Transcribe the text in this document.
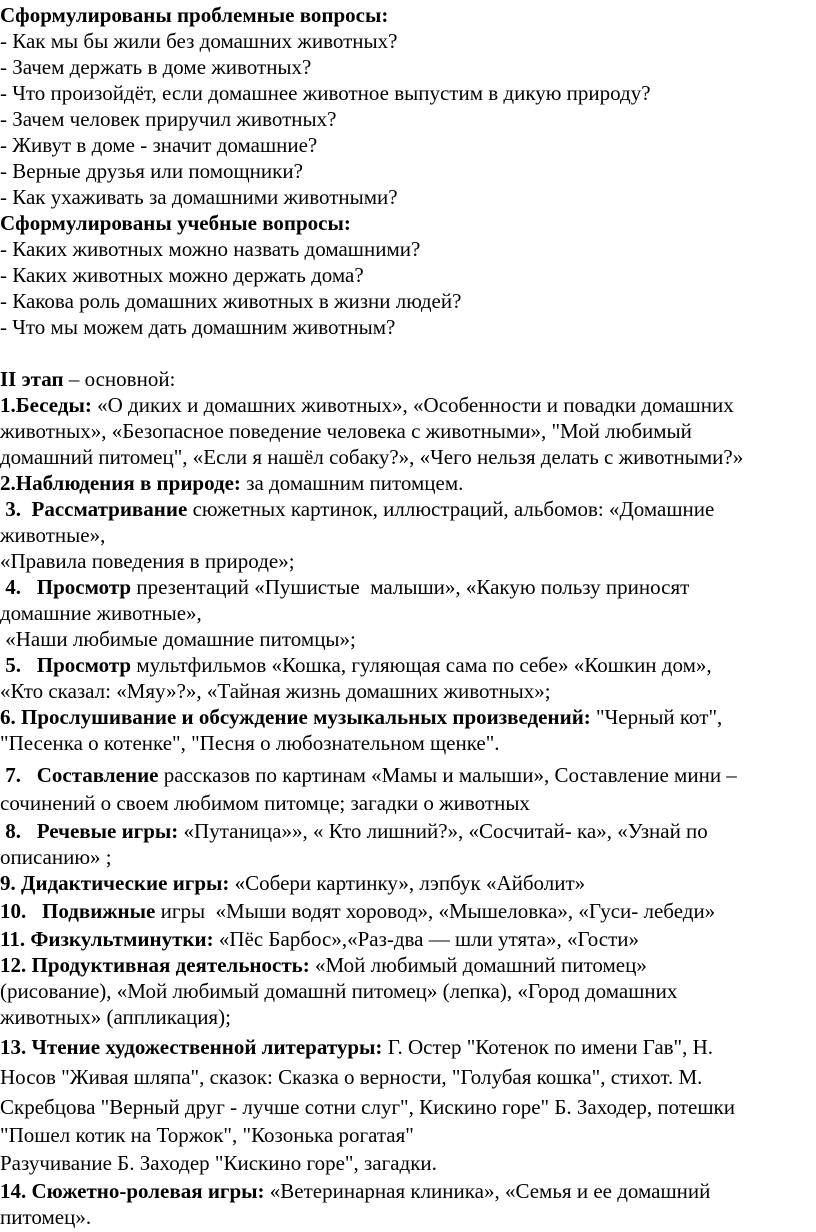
Сформулированы проблемные вопросы:
- Как мы бы жили без домашних животных?
- Зачем держать в доме животных?
- Что произойдёт, если домашнее животное выпустим в дикую природу?
- Зачем человек приручил животных?
- Живут в доме - значит домашние?
- Верные друзья или помощники?
- Как ухаживать за домашними животными?
Сформулированы учебные вопросы:
- Каких животных можно назвать домашними?
- Каких животных можно держать дома?
- Какова роль домашних животных в жизни людей?
- Что мы можем дать домашним животным?
II этап – основной:
1.Беседы: «О диких и домашних животных», «Особенности и повадки домашних
животных», «Безопасное поведение человека с животными», "Мой любимый
домашний питомец", «Если я нашёл собаку?», «Чего нельзя делать с животными?»
2.Наблюдения в природе: за домашним питомцем.
3.  Рассматривание сюжетных картинок, иллюстраций, альбомов: «Домашние
животные»,
«Правила поведения в природе»;
4.   Просмотр презентаций «Пушистые  малыши», «Какую пользу приносят
домашние животные»,
«Наши любимые домашние питомцы»;
5.   Просмотр мультфильмов «Кошка, гуляющая сама по себе» «Кошкин дом»,
«Кто сказал: «Мяу»?», «Тайная жизнь домашних животных»;
6. Прослушивание и обсуждение музыкальных произведений: "Черный кот",
"Песенка о котенке", "Песня о любознательном щенке".
7.   Составление рассказов по картинам «Мамы и малыши», Составление мини –
сочинений о своем любимом питомце; загадки о животных
8.   Речевые игры: «Путаница»», « Кто лишний?», «Сосчитай- ка», «Узнай по
описанию» ;
9. Дидактические игры: «Собери картинку», лэпбук «Айболит»
10.   Подвижные игры  «Мыши водят хоровод», «Мышеловка», «Гуси- лебеди»
11. Физкультминутки: «Пёс Барбос»,«Раз-два — шли утята», «Гости»
12. Продуктивная деятельность: «Мой любимый домашний питомец»
(рисование), «Мой любимый домашнй питомец» (лепка), «Город домашних
животных» (аппликация);
13. Чтение художественной литературы: Г. Остер "Котенок по имени Гав", Н.
Носов "Живая шляпа", сказок: Сказка о верности, "Голубая кошка", стихот. М.
Скребцова "Верный друг - лучше сотни слуг", Кискино горе" Б. Заходер, потешки
"Пошел котик на Торжок", "Козонька рогатая"
Разучивание Б. Заходер "Кискино горе", загадки.
14. Сюжетно-ролевая игры: «Ветеринарная клиника», «Семья и ее домашний
питомец».
